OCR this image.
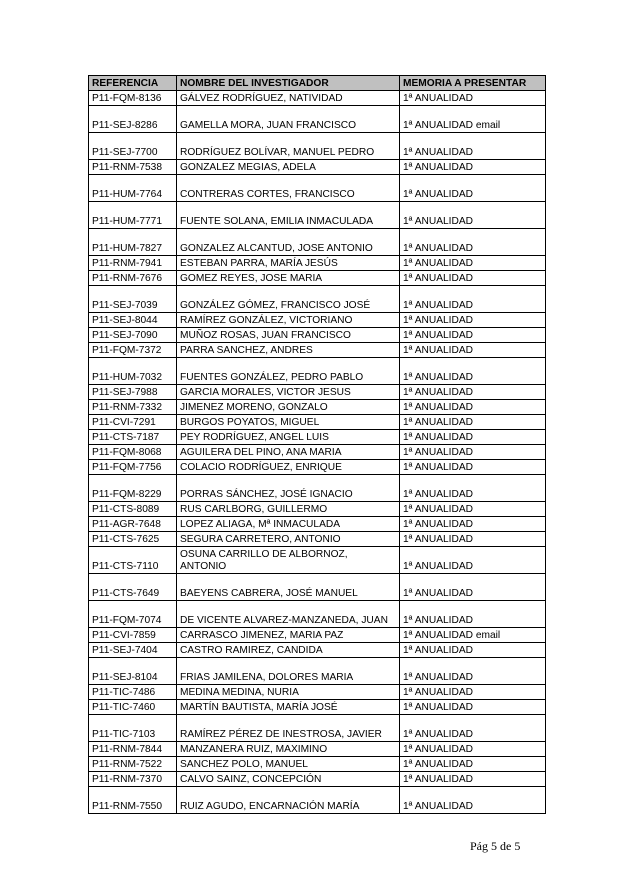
REFERENCIA	NOMBRE DEL INVESTIGADOR	MEMORIA A PRESENTAR
P11-FQM-8136	GÁLVEZ RODRÍGUEZ, NATIVIDAD	1ª ANUALIDAD
P11-SEJ-8286	GAMELLA MORA, JUAN FRANCISCO	1ª ANUALIDAD email
P11-SEJ-7700	RODRÍGUEZ BOLÍVAR, MANUEL PEDRO	1ª ANUALIDAD
P11-RNM-7538	GONZALEZ MEGIAS, ADELA	1ª ANUALIDAD
P11-HUM-7764	CONTRERAS CORTES, FRANCISCO	1ª ANUALIDAD
P11-HUM-7771	FUENTE SOLANA, EMILIA INMACULADA	1ª ANUALIDAD
P11-HUM-7827	GONZALEZ ALCANTUD, JOSE ANTONIO	1ª ANUALIDAD
P11-RNM-7941	ESTEBAN PARRA, MARÍA JESÚS	1ª ANUALIDAD
P11-RNM-7676	GOMEZ REYES, JOSE MARIA	1ª ANUALIDAD
P11-SEJ-7039	GONZÁLEZ GÓMEZ, FRANCISCO JOSÉ	1ª ANUALIDAD
P11-SEJ-8044	RAMÍREZ GONZÁLEZ, VICTORIANO	1ª ANUALIDAD
P11-SEJ-7090	MUÑOZ ROSAS, JUAN FRANCISCO	1ª ANUALIDAD
P11-FQM-7372	PARRA SANCHEZ, ANDRES	1ª ANUALIDAD
P11-HUM-7032	FUENTES GONZÁLEZ, PEDRO PABLO	1ª ANUALIDAD
P11-SEJ-7988	GARCIA MORALES, VICTOR JESUS	1ª ANUALIDAD
P11-RNM-7332	JIMENEZ MORENO, GONZALO	1ª ANUALIDAD
P11-CVI-7291	BURGOS POYATOS, MIGUEL	1ª ANUALIDAD
P11-CTS-7187	PEY RODRÍGUEZ, ANGEL LUIS	1ª ANUALIDAD
P11-FQM-8068	AGUILERA DEL PINO, ANA MARIA	1ª ANUALIDAD
P11-FQM-7756	COLACIO RODRÍGUEZ, ENRIQUE	1ª ANUALIDAD
P11-FQM-8229	PORRAS SÁNCHEZ, JOSÉ IGNACIO	1ª ANUALIDAD
P11-CTS-8089	RUS CARLBORG, GUILLERMO	1ª ANUALIDAD
P11-AGR-7648	LOPEZ ALIAGA, Mª INMACULADA	1ª ANUALIDAD
P11-CTS-7625	SEGURA CARRETERO, ANTONIO	1ª ANUALIDAD
P11-CTS-7110	OSUNA CARRILLO DE ALBORNOZ, ANTONIO	1ª ANUALIDAD
P11-CTS-7649	BAEYENS CABRERA, JOSÉ MANUEL	1ª ANUALIDAD
P11-FQM-7074	DE VICENTE ALVAREZ-MANZANEDA, JUAN	1ª ANUALIDAD
P11-CVI-7859	CARRASCO JIMENEZ, MARIA PAZ	1ª ANUALIDAD email
P11-SEJ-7404	CASTRO RAMIREZ, CANDIDA	1ª ANUALIDAD
P11-SEJ-8104	FRIAS JAMILENA, DOLORES MARIA	1ª ANUALIDAD
P11-TIC-7486	MEDINA MEDINA, NURIA	1ª ANUALIDAD
P11-TIC-7460	MARTÍN BAUTISTA, MARÍA JOSÉ	1ª ANUALIDAD
P11-TIC-7103	RAMÍREZ PÉREZ DE INESTROSA, JAVIER	1ª ANUALIDAD
P11-RNM-7844	MANZANERA RUIZ, MAXIMINO	1ª ANUALIDAD
P11-RNM-7522	SANCHEZ POLO, MANUEL	1ª ANUALIDAD
P11-RNM-7370	CALVO SAINZ, CONCEPCIÓN	1ª ANUALIDAD
P11-RNM-7550	RUIZ AGUDO, ENCARNACIÓN MARÍA	1ª ANUALIDAD
Pág 5 de 5
